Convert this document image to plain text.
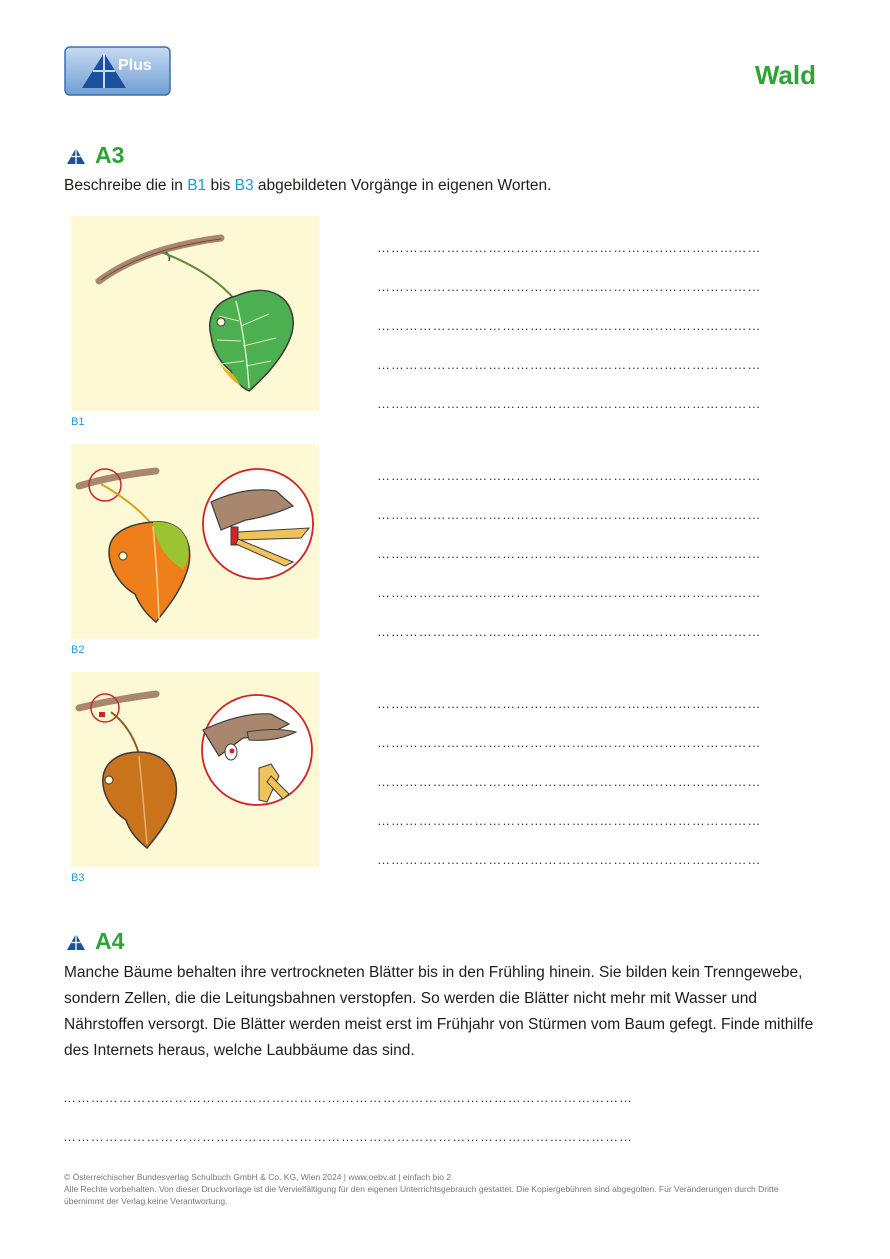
Plus	Wald
A3
Beschreibe die in B1 bis B3 abgebildeten Vorgänge in eigenen Worten.
B1
B2
B3
……………………………………………………..…………………
……………………………………………………..…………………
……………………………………………………..…………………
……………………………………………………..…………………
……………………………………………………..…………………
……………………………………………………..…………………
……………………………………………………..…………………
……………………………………………………..…………………
……………………………………………………..…………………
……………………………………………………..…………………
……………………………………………………..…………………
……………………………………………………..…………………
……………………………………………………..…………………
……………………………………………………..…………………
……………………………………………………..…………………
A4
Manche Bäume behalten ihre vertrockneten Blätter bis in den Frühling hinein. Sie bilden kein Trenngewebe, sondern Zellen, die die Leitungsbahnen verstopfen. So werden die Blätter nicht mehr mit Wasser und Nährstoffen versorgt. Die Blätter werden meist erst im Frühjahr von Stürmen vom Baum gefegt. Finde mithilfe des Internets heraus, welche Laubbäume das sind.
……………………………………………………………………………………………………………
……………………………………………………………………………………………………………
© Österreichischer Bundesverlag Schulbuch GmbH & Co. KG, Wien 2024 | www.oebv.at | einfach bio 2
Alle Rechte vorbehalten. Von dieser Druckvorlage ist die Vervielfältigung für den eigenen Unterrichtsgebrauch gestattet. Die Kopiergebühren sind abgegolten. Für Veränderungen durch Dritte übernimmt der Verlag keine Verantwortung.
